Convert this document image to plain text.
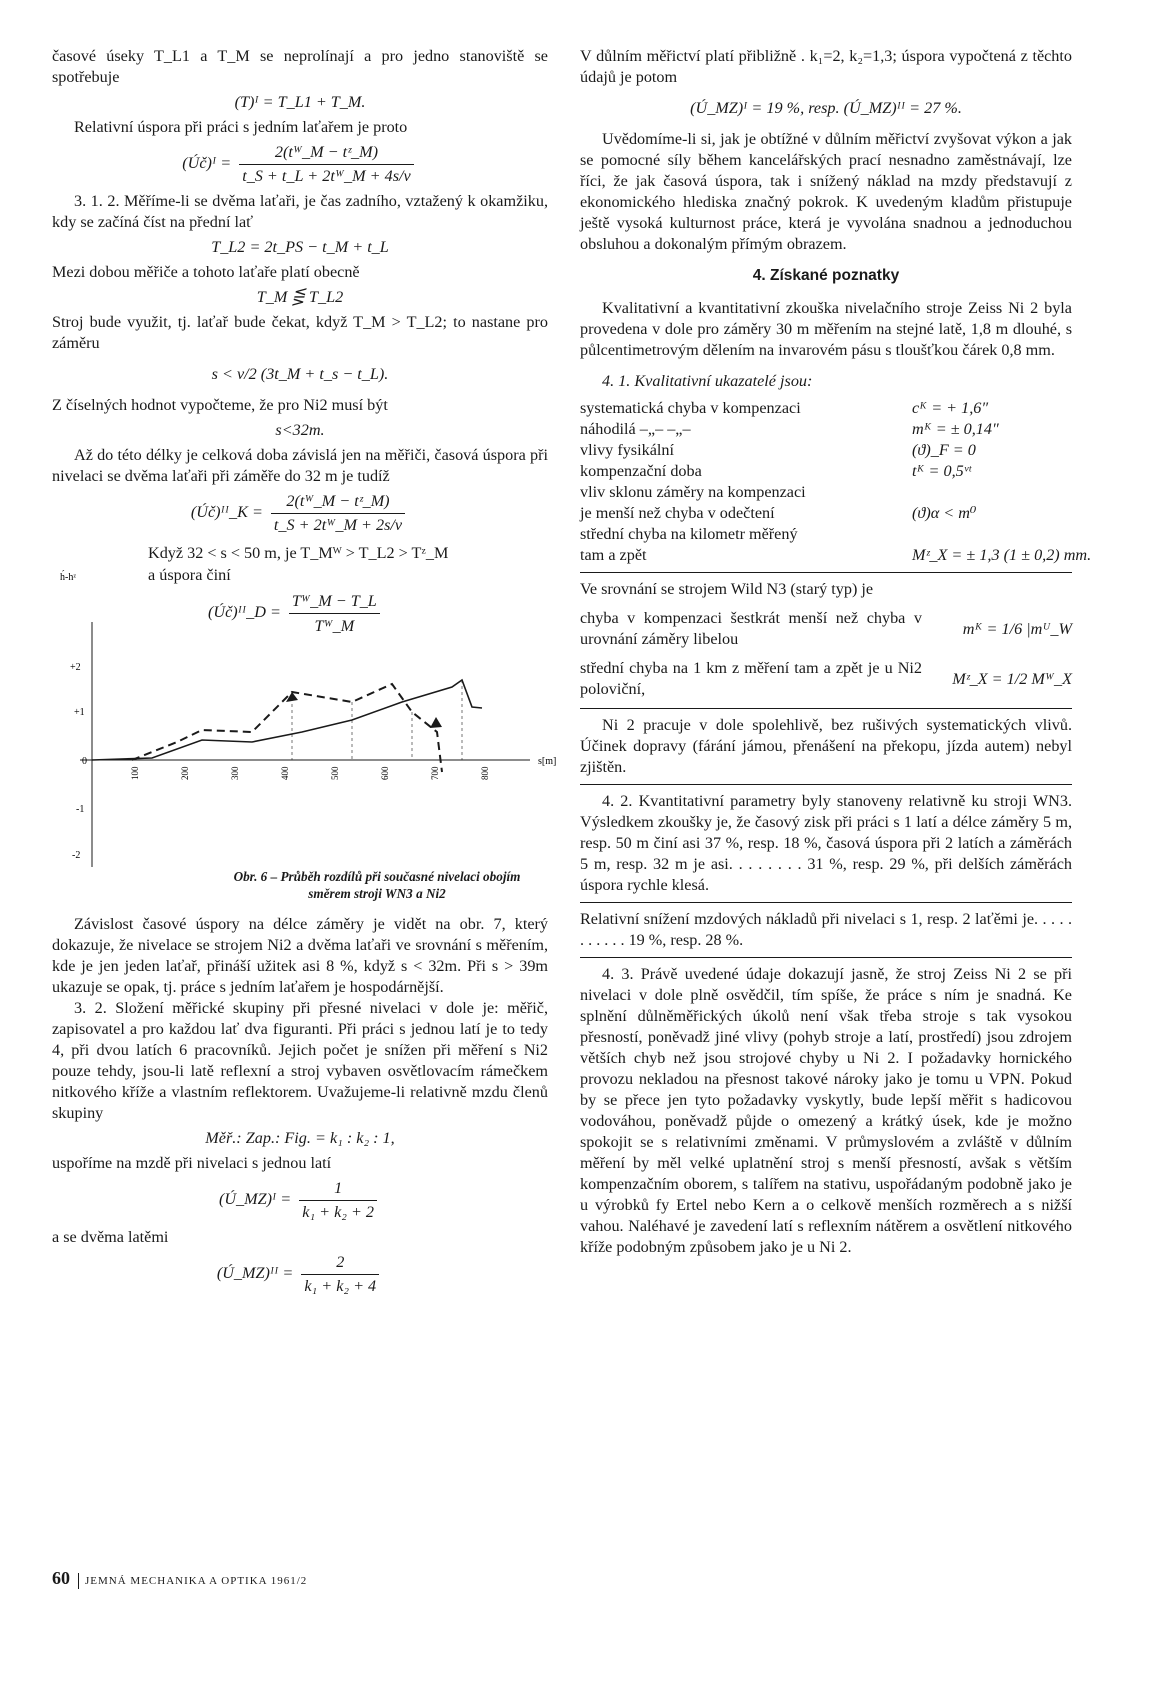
časové úseky T_L1 a T_M se neprolínají a pro jedno stanoviště se spotřebuje

(T)ᴵ = T_L1 + T_M.

Relativní úspora při práci s jedním laťařem je proto

(Úč)ᴵ = $\frac{\text{2(tᵂ\_M − tᶻ\_M)}}{\text{t\_S + t\_L + 2tᵂ\_M + 4s/v}}$

3. 1. 2. Měříme-li se dvěma laťaři, je čas zadního, vztažený k okamžiku, kdy se začíná číst na přední lať

T_L2 = 2t_PS − t_M + t_L

Mezi dobou měřiče a tohoto laťaře platí obecně

T_M ⋚ T_L2

Stroj bude využit, tj. laťař bude čekat, když T_M > T_L2; to nastane pro záměru

s < v/2 (3t_M + t_s − t_L).

Z číselných hodnot vypočteme, že pro Ni2 musí být

s<32m.

Až do této délky je celková doba závislá jen na měřiči, časová úspora při nivelaci se dvěma laťaři při záměře do 32 m je tudíž

(Úč)ᴵᴵ_K = $\frac{\text{2(tᵂ\_M − tᶻ\_M)}}{\text{t\_S + 2tᵂ\_M + 2s/v}}$

Když 32 < s < 50 m, je T_Mᵂ > T_L2 > Tᶻ_M

a úspora činí

(Úč)ᴵᴵ_D = $\frac{\text{Tᵂ\_M − T\_L}}{\text{Tᵂ\_M}}$

h́-hᶻ
+2
+1
0
-1
-2
s[m]
100	200	300	400	500	600	700	800
Obr. 6 – Průběh rozdílů při současné nivelaci obojím směrem stroji WN3 a Ni2

Závislost časové úspory na délce záměry je vidět na obr. 7, který dokazuje, že nivelace se strojem Ni2 a dvěma laťaři ve srovnání s měřením, kde je jen jeden laťař, přináší užitek asi 8 %, když s < 32m. Při s > 39m ukazuje se opak, tj. práce s jedním laťařem je hospodárnější.

3. 2. Složení měřické skupiny při přesné nivelaci v dole je: měřič, zapisovatel a pro každou lať dva figuranti. Při práci s jednou latí je to tedy 4, při dvou latích 6 pracovníků. Jejich počet je snížen při měření s Ni2 pouze tehdy, jsou-li latě reflexní a stroj vybaven osvětlovacím rámečkem nitkového kříže a vlastním reflektorem. Uvažujeme-li relativně mzdu členů skupiny

Měř.: Zap.: Fig. = k₁ : k₂ : 1,

uspoříme na mzdě při nivelaci s jednou latí

(Ú_MZ)ᴵ = $\frac{1}{\text{k₁ + k₂ + 2}}$

a se dvěma latěmi

(Ú_MZ)ᴵᴵ = $\frac{2}{\text{k₁ + k₂ + 4}}$

V důlním měřictví platí přibližně . k₁=2, k₂=1,3; úspora vypočtená z těchto údajů je potom

(Ú_MZ)ᴵ = 19 %, resp. (Ú_MZ)ᴵᴵ = 27 %.

Uvědomíme-li si, jak je obtížné v důlním měřictví zvyšovat výkon a jak se pomocné síly během kancelářských prací nesnadno zaměstnávají, lze říci, že jak časová úspora, tak i snížený náklad na mzdy představují z ekonomického hlediska značný pokrok. K uvedeným kladům přistupuje ještě vysoká kulturnost práce, která je vyvolána snadnou a jednoduchou obsluhou a dokonalým přímým obrazem.

4. Získané poznatky

Kvalitativní a kvantitativní zkouška nivelačního stroje Zeiss Ni 2 byla provedena v dole pro záměry 30 m měřením na stejné latě, 1,8 m dlouhé, s půlcentimetrovým dělením na invarovém pásu s tloušťkou čárek 0,8 mm.

4. 1. Kvalitativní ukazatelé jsou:

systematická chyba v kompenzaci	cᴷ = + 1,6″
náhodilá –„– –„–	mᴷ = ± 0,14″
vlivy fysikální	(ϑ)_F = 0
kompenzační doba	tᴷ = 0,5ᵛᵗ
vliv sklonu záměry na kompenzaci
je menší než chyba v odečtení	(ϑ)α < m⁰
střední chyba na kilometr měřený
tam a zpět	Mᶻ_X = ± 1,3 (1 ± 0,2) mm.

Ve srovnání se strojem Wild N3 (starý typ) je

chyba v kompenzaci šestkrát menší než chyba v urovnání záměry libelou
mᴷ = 1/6 |mᵁ_W
střední chyba na 1 km z měření tam a zpět je u Ni2 poloviční,
Mᶻ_X = 1/2 Mᵂ_X

Ni 2 pracuje v dole spolehlivě, bez rušivých systematických vlivů. Účinek dopravy (fárání jámou, přenášení na překopu, jízda autem) nebyl zjištěn.

4. 2. Kvantitativní parametry byly stanoveny relativně ku stroji WN3. Výsledkem zkoušky je, že časový zisk při práci s 1 latí a délce záměry 5 m, resp. 50 m činí asi 37 %, resp. 18 %, časová úspora při 2 latích a záměrách 5 m, resp. 32 m je asi. . . . . . . . 31 %, resp. 29 %, při delších záměrách úspora rychle klesá.

Relativní snížení mzdových nákladů při nivelaci s 1, resp. 2 laťěmi je. . . . . . . . . . . 19 %, resp. 28 %.

4. 3. Právě uvedené údaje dokazují jasně, že stroj Zeiss Ni 2 se při nivelaci v dole plně osvědčil, tím spíše, že práce s ním je snadná. Ke splnění důlněměřických úkolů není však třeba stroje s tak vysokou přesností, poněvadž jiné vlivy (pohyb stroje a latí, prostředí) jsou zdrojem větších chyb než jsou strojové chyby u Ni 2. I požadavky hornického provozu nekladou na přesnost takové nároky jako je tomu u VPN. Pokud by se přece jen tyto požadavky vyskytly, bude lepší měřit s hadicovou vodováhou, poněvadž půjde o omezený a krátký úsek, kde je možno spokojit se s relativními změnami. V průmyslovém a zvláště v důlním měření by měl velké uplatnění stroj s menší přesností, avšak s větším kompenzačním oborem, s talířem na stativu, uspořádaným podobně jako je u výrobků fy Ertel nebo Kern a o celkově menších rozměrech a s nižší vahou. Naléhavé je zavedení latí s reflexním nátěrem a osvětlení nitkového kříže podobným způsobem jako je u Ni 2.

60 JEMNÁ MECHANIKA A OPTIKA 1961/2
